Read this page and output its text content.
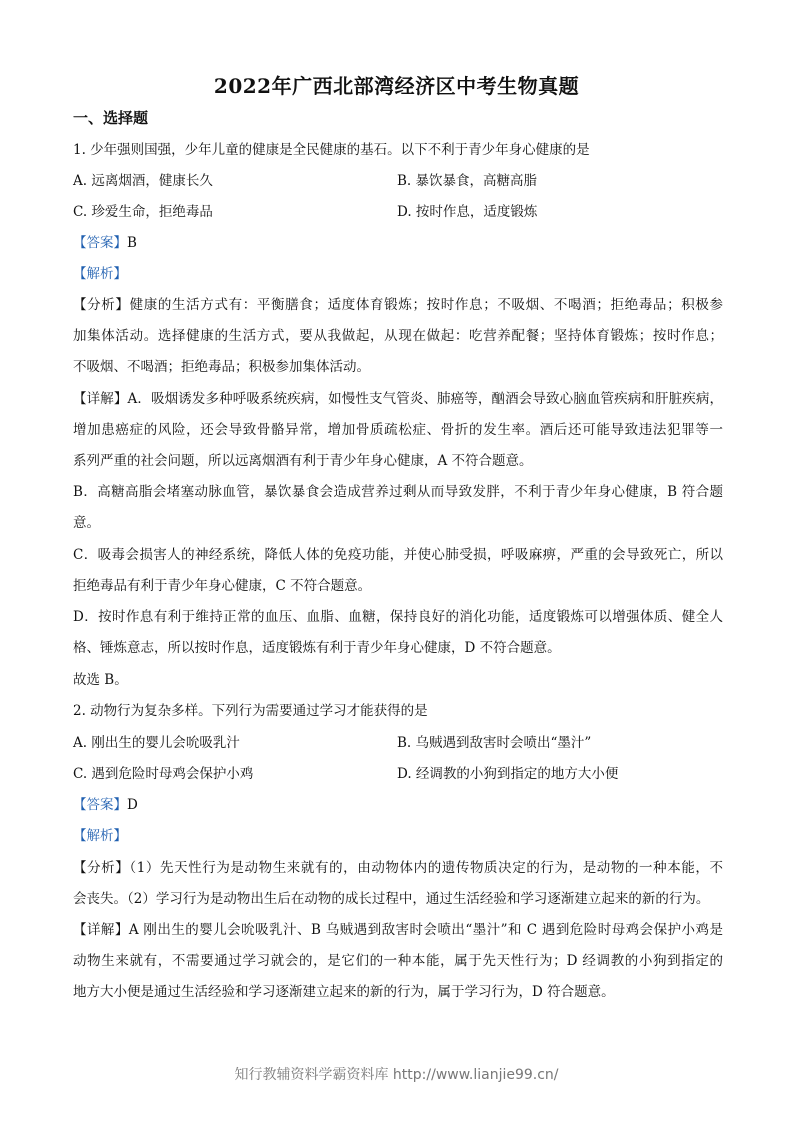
2022年广西北部湾经济区中考生物真题
一、选择题
1. 少年强则国强，少年儿童的健康是全民健康的基石。以下不利于青少年身心健康的是
A. 远离烟酒，健康长久	B. 暴饮暴食，高糖高脂
C. 珍爱生命，拒绝毒品	D. 按时作息，适度锻炼
【答案】B
【解析】
【分析】健康的生活方式有：平衡膳食；适度体育锻炼；按时作息；不吸烟、不喝酒；拒绝毒品；积极参
加集体活动。选择健康的生活方式，要从我做起，从现在做起：吃营养配餐；坚持体育锻炼；按时作息；
不吸烟、不喝酒；拒绝毒品；积极参加集体活动。
【详解】A．吸烟诱发多种呼吸系统疾病，如慢性支气管炎、肺癌等，酗酒会导致心脑血管疾病和肝脏疾病，
增加患癌症的风险，还会导致骨骼异常，增加骨质疏松症、骨折的发生率。酒后还可能导致违法犯罪等一
系列严重的社会问题，所以远离烟酒有利于青少年身心健康，A 不符合题意。
B．高糖高脂会堵塞动脉血管，暴饮暴食会造成营养过剩从而导致发胖，不利于青少年身心健康，B 符合题
意。
C．吸毒会损害人的神经系统，降低人体的免疫功能，并使心肺受损，呼吸麻痹，严重的会导致死亡，所以
拒绝毒品有利于青少年身心健康，C 不符合题意。
D．按时作息有利于维持正常的血压、血脂、血糖，保持良好的消化功能，适度锻炼可以增强体质、健全人
格、锤炼意志，所以按时作息，适度锻炼有利于青少年身心健康，D 不符合题意。
故选 B。
2. 动物行为复杂多样。下列行为需要通过学习才能获得的是
A. 刚出生的婴儿会吮吸乳汁	B. 乌贼遇到敌害时会喷出“墨汁”
C. 遇到危险时母鸡会保护小鸡	D. 经调教的小狗到指定的地方大小便
【答案】D
【解析】
【分析】（1）先天性行为是动物生来就有的，由动物体内的遗传物质决定的行为，是动物的一种本能，不
会丧失。（2）学习行为是动物出生后在动物的成长过程中，通过生活经验和学习逐渐建立起来的新的行为。
【详解】A 刚出生的婴儿会吮吸乳汁、B 乌贼遇到敌害时会喷出“墨汁”和 C 遇到危险时母鸡会保护小鸡是
动物生来就有，不需要通过学习就会的，是它们的一种本能，属于先天性行为；D 经调教的小狗到指定的
地方大小便是通过生活经验和学习逐渐建立起来的新的行为，属于学习行为，D 符合题意。
知行教辅资料学霸资料库 http://www.lianjie99.cn/
